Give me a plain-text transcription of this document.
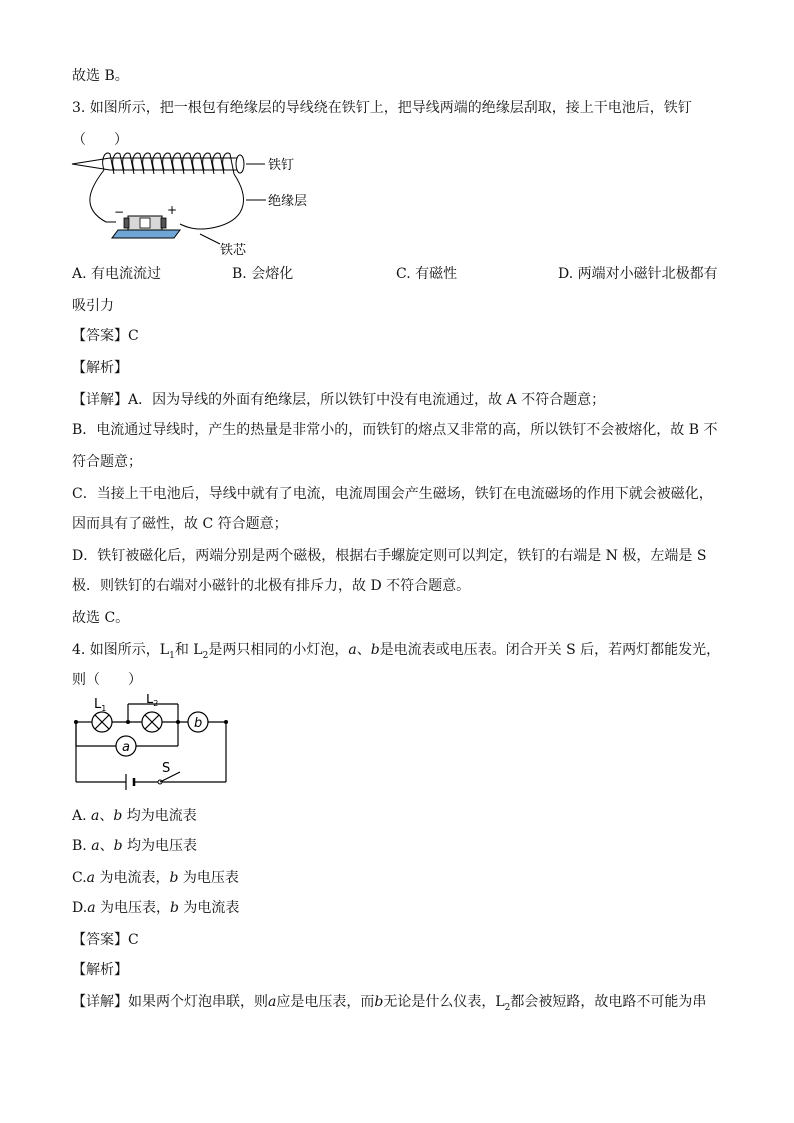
故选 B。
3. 如图所示，把一根包有绝缘层的导线绕在铁钉上，把导线两端的绝缘层刮取，接上干电池后，铁钉
（　　）
铁钉
绝缘层
−	+
铁芯
A. 有电流流过	B. 会熔化	C. 有磁性	D. 两端对小磁针北极都有
吸引力
【答案】C
【解析】
【详解】A．因为导线的外面有绝缘层，所以铁钉中没有电流通过，故 A 不符合题意；
B．电流通过导线时，产生的热量是非常小的，而铁钉的熔点又非常的高，所以铁钉不会被熔化，故 B 不
符合题意；
C．当接上干电池后，导线中就有了电流，电流周围会产生磁场，铁钉在电流磁场的作用下就会被磁化，
因而具有了磁性，故 C 符合题意；
D．铁钉被磁化后，两端分别是两个磁极，根据右手螺旋定则可以判定，铁钉的右端是 N 极，左端是 S
极．则铁钉的右端对小磁针的北极有排斥力，故 D 不符合题意。
故选 C。
4. 如图所示，$L_1$和 $L_2$是两只相同的小灯泡，a、b是电流表或电压表。闭合开关 S 后，若两灯都能发光，
则（　　）
$L_1$
$L_2$
b
a
S
A. a、b 均为电流表
B. a、b 均为电压表
C.a 为电流表，b 为电压表
D.a 为电压表，b 为电流表
【答案】C
【解析】
【详解】如果两个灯泡串联，则a应是电压表，而b无论是什么仪表，$L_2$都会被短路，故电路不可能为串
